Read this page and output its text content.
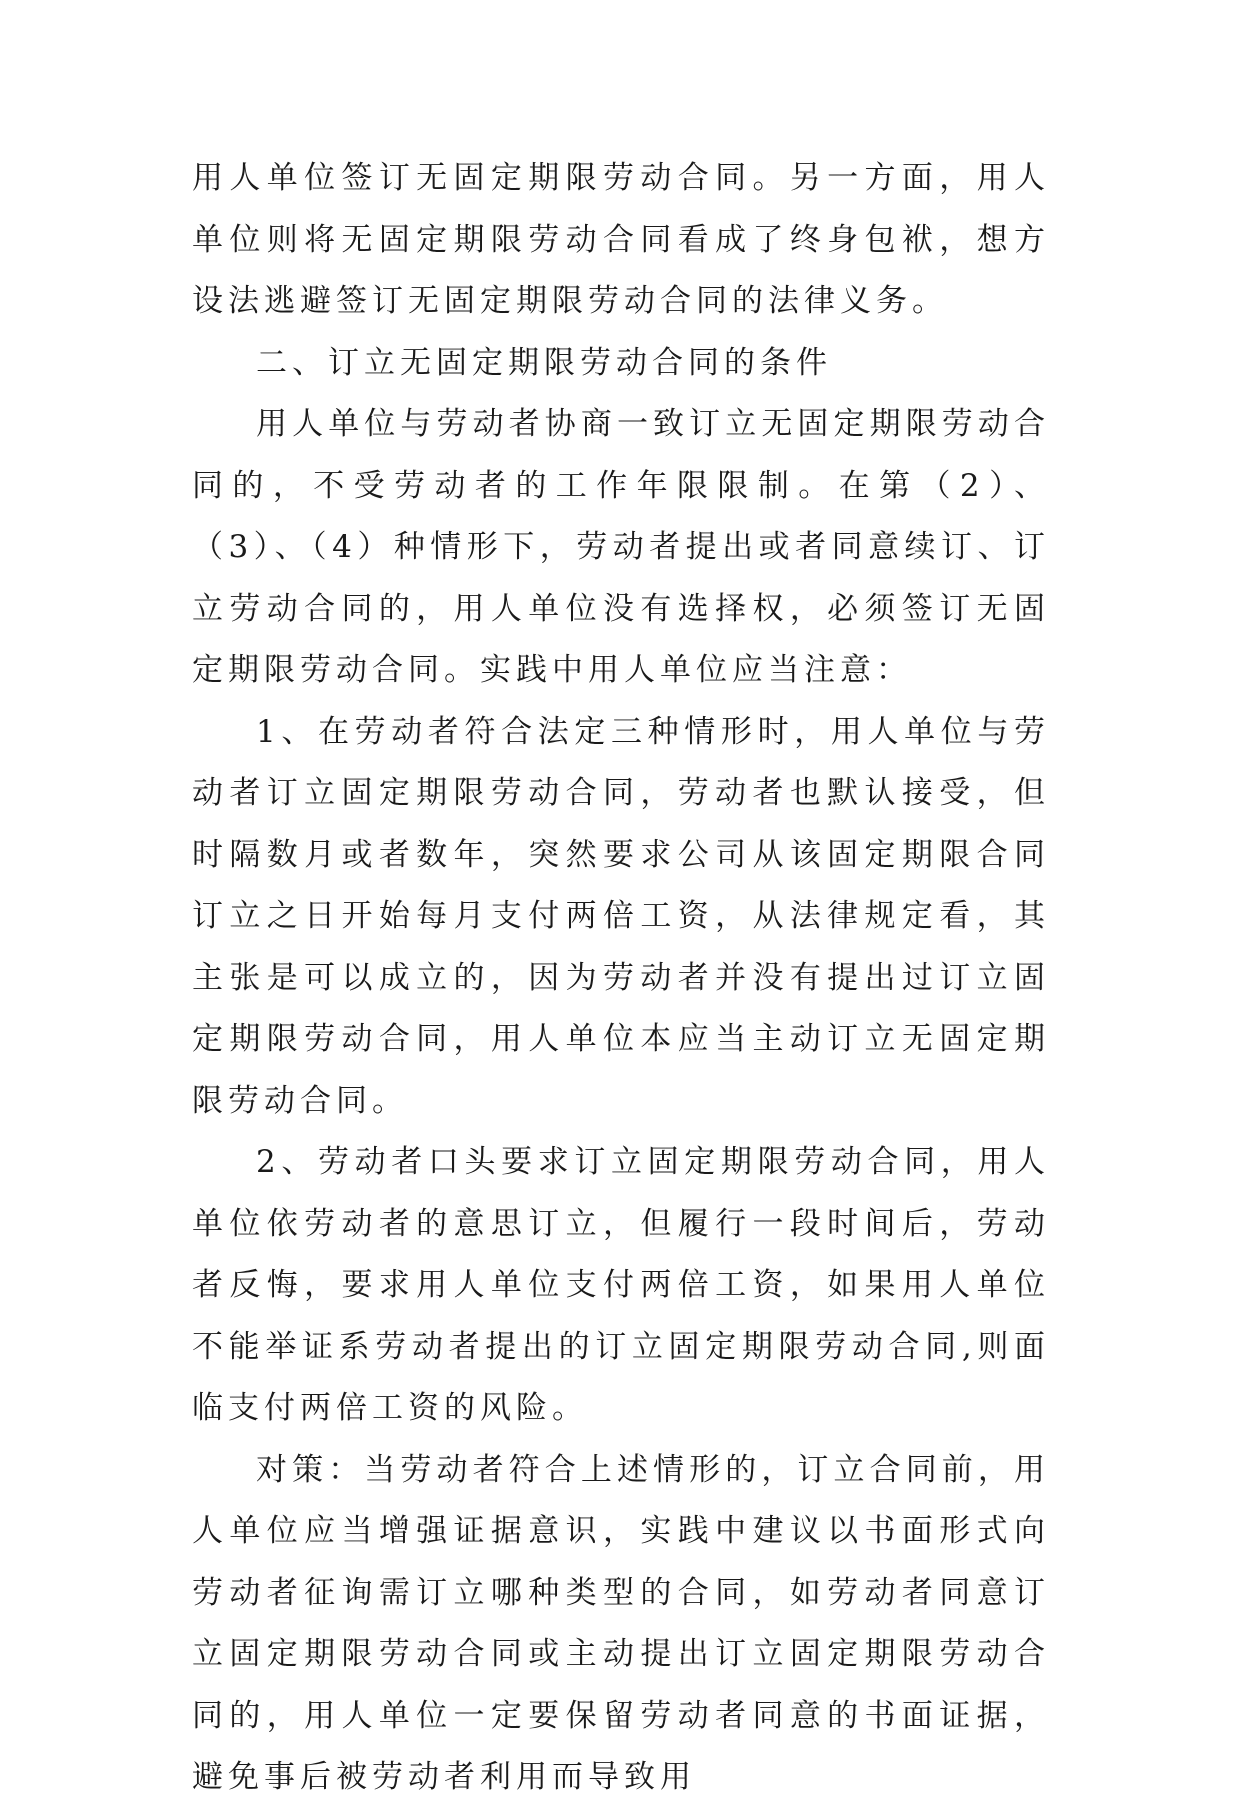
用人单位签订无固定期限劳动合同。另一方面，用人单位则将无固定期限劳动合同看成了终身包袱，想方设法逃避签订无固定期限劳动合同的法律义务。

二、订立无固定期限劳动合同的条件

用人单位与劳动者协商一致订立无固定期限劳动合同的，不受劳动者的工作年限限制。在第（2）、（3）、（4）种情形下，劳动者提出或者同意续订、订立劳动合同的，用人单位没有选择权，必须签订无固定期限劳动合同。实践中用人单位应当注意：

1、在劳动者符合法定三种情形时，用人单位与劳动者订立固定期限劳动合同，劳动者也默认接受，但时隔数月或者数年，突然要求公司从该固定期限合同订立之日开始每月支付两倍工资，从法律规定看，其主张是可以成立的，因为劳动者并没有提出过订立固定期限劳动合同，用人单位本应当主动订立无固定期限劳动合同。

2、劳动者口头要求订立固定期限劳动合同，用人单位依劳动者的意思订立，但履行一段时间后，劳动者反悔，要求用人单位支付两倍工资，如果用人单位不能举证系劳动者提出的订立固定期限劳动合同,则面临支付两倍工资的风险。

对策：当劳动者符合上述情形的，订立合同前，用人单位应当增强证据意识，实践中建议以书面形式向劳动者征询需订立哪种类型的合同，如劳动者同意订立固定期限劳动合同或主动提出订立固定期限劳动合同的，用人单位一定要保留劳动者同意的书面证据，避免事后被劳动者利用而导致用
